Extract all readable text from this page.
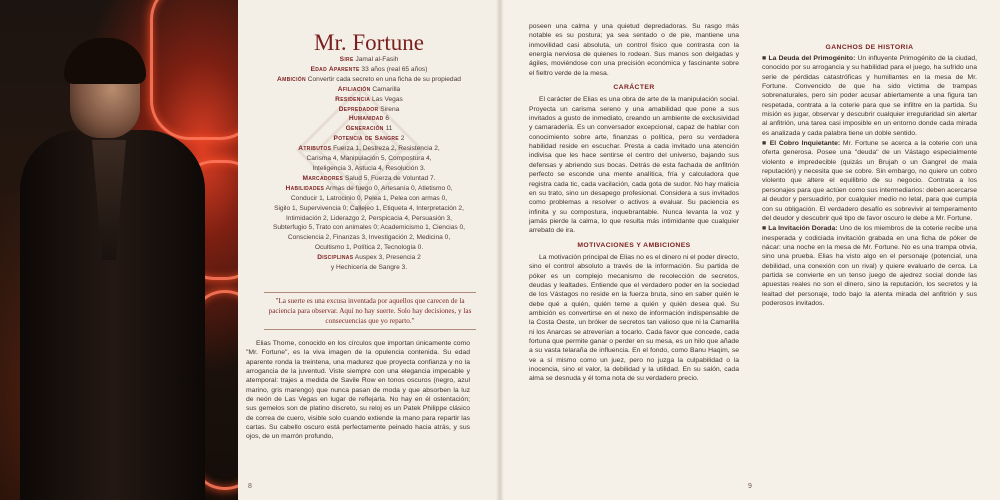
Mr. Fortune
Sire Jamal al-Fasih
Edad Aparente 33 años (real 65 años)
Ambición Convertir cada secreto en una ficha de su propiedad
Afiliación Camarilla
Residencia Las Vegas
Depredador Sirena
Humanidad 6
Generación 11
Potencia de Sangre 2
Atributos Fuerza 1, Destreza 2, Resistencia 2,
Carisma 4, Manipulación 5, Compostura 4,
Inteligencia 3, Astucia 4, Resolución 3.
Marcadores Salud 5, Fuerza de Voluntad 7.
Habilidades Armas de fuego 0, Artesanía 0, Atletismo 0,
Conducir 1, Latrocinio 0, Pelea 1, Pelea con armas 0,
Sigilo 1, Supervivencia 0; Callejeo 1, Etiqueta 4, Interpretación 2,
Intimidación 2, Liderazgo 2, Perspicacia 4, Persuasión 3,
Subterfugio 5, Trato con animales 0; Academicismo 1, Ciencias 0,
Consciencia 2, Finanzas 3, Investigación 2, Medicina 0,
Ocultismo 1, Política 2, Tecnología 0.
Disciplinas Auspex 3, Presencia 2
y Hechicería de Sangre 3.
"La suerte es una excusa inventada por aquellos que carecen de la paciencia para observar. Aquí no hay suerte. Solo hay decisiones, y las consecuencias que yo reparto."

Elias Thorne, conocido en los círculos que importan únicamente como "Mr. Fortune", es la viva imagen de la opulencia contenida. Su edad aparente ronda la treintena, una madurez que proyecta confianza y no la arrogancia de la juventud. Viste siempre con una elegancia impecable y atemporal: trajes a medida de Savile Row en tonos oscuros (negro, azul marino, gris marengo) que nunca pasan de moda y que absorben la luz de neón de Las Vegas en lugar de reflejarla. No hay en él ostentación; sus gemelos son de platino discreto, su reloj es un Patek Philippe clásico de correa de cuero, visible solo cuando extiende la mano para repartir las cartas. Su cabello oscuro está perfectamente peinado hacia atrás, y sus ojos, de un marrón profundo,

poseen una calma y una quietud depredadoras. Su rasgo más notable es su postura; ya sea sentado o de pie, mantiene una inmovilidad casi absoluta, un control físico que contrasta con la energía nerviosa de quienes lo rodean. Sus manos son delgadas y ágiles, moviéndose con una precisión económica y fascinante sobre el fieltro verde de la mesa.

CARÁCTER

El carácter de Elias es una obra de arte de la manipulación social. Proyecta un carisma sereno y una amabilidad que pone a sus invitados a gusto de inmediato, creando un ambiente de exclusividad y camaradería. Es un conversador excepcional, capaz de hablar con conocimiento sobre arte, finanzas o política, pero su verdadera habilidad reside en escuchar. Presta a cada invitado una atención indivisa que les hace sentirse el centro del universo, bajando sus defensas y abriendo sus bocas. Detrás de esta fachada de anfitrión perfecto se esconde una mente analítica, fría y calculadora que registra cada tic, cada vacilación, cada gota de sudor. No hay malicia en su trato, sino un desapego profesional. Considera a sus invitados como problemas a resolver o activos a evaluar. Su paciencia es infinita y su compostura, inquebrantable. Nunca levanta la voz y jamás pierde la calma, lo que resulta más intimidante que cualquier arrebato de ira.

MOTIVACIONES Y AMBICIONES

La motivación principal de Elias no es el dinero ni el poder directo, sino el control absoluto a través de la información. Su partida de póker es un complejo mecanismo de recolección de secretos, deudas y lealtades. Entiende que el verdadero poder en la sociedad de los Vástagos no reside en la fuerza bruta, sino en saber quién le debe qué a quién, quién teme a quién y quién desea qué. Su ambición es convertirse en el nexo de información indispensable de la Costa Oeste, un bróker de secretos tan valioso que ni la Camarilla ni los Anarcas se atreverían a tocarlo. Cada favor que concede, cada fortuna que permite ganar o perder en su mesa, es un hilo que añade a su vasta telaraña de influencia. En el fondo, como Banu Haqim, se ve a sí mismo como un juez, pero no juzga la culpabilidad o la inocencia, sino el valor, la debilidad y la utilidad. En su salón, cada alma se desnuda y él toma nota de su verdadero precio.

GANCHOS DE HISTORIA
■ La Deuda del Primogénito: Un influyente Primogénito de la ciudad, conocido por su arrogancia y su habilidad para el juego, ha sufrido una serie de pérdidas catastróficas y humillantes en la mesa de Mr. Fortune. Convencido de que ha sido víctima de trampas sobrenaturales, pero sin poder acusar abiertamente a una figura tan respetada, contrata a la coterie para que se infiltre en la partida. Su misión es jugar, observar y descubrir cualquier irregularidad sin alertar al anfitrión, una tarea casi imposible en un entorno donde cada mirada es analizada y cada palabra tiene un doble sentido.
■ El Cobro Inquietante: Mr. Fortune se acerca a la coterie con una oferta generosa. Posee una "deuda" de un Vástago especialmente violento e impredecible (quizás un Brujah o un Gangrel de mala reputación) y necesita que se cobre. Sin embargo, no quiere un cobro violento que altere el equilibrio de su negocio. Contrata a los personajes para que actúen como sus intermediarios: deben acercarse al deudor y persuadirlo, por cualquier medio no letal, para que cumpla con su obligación. El verdadero desafío es sobrevivir al temperamento del deudor y descubrir qué tipo de favor oscuro le debe a Mr. Fortune.
■ La Invitación Dorada: Uno de los miembros de la coterie recibe una inesperada y codiciada invitación grabada en una ficha de póker de nácar: una noche en la mesa de Mr. Fortune. No es una trampa obvia, sino una prueba. Elias ha visto algo en el personaje (potencial, una debilidad, una conexión con un rival) y quiere evaluarlo de cerca. La partida se convierte en un tenso juego de ajedrez social donde las apuestas reales no son el dinero, sino la reputación, los secretos y la lealtad del personaje, todo bajo la atenta mirada del anfitrión y sus poderosos invitados.
8	9
